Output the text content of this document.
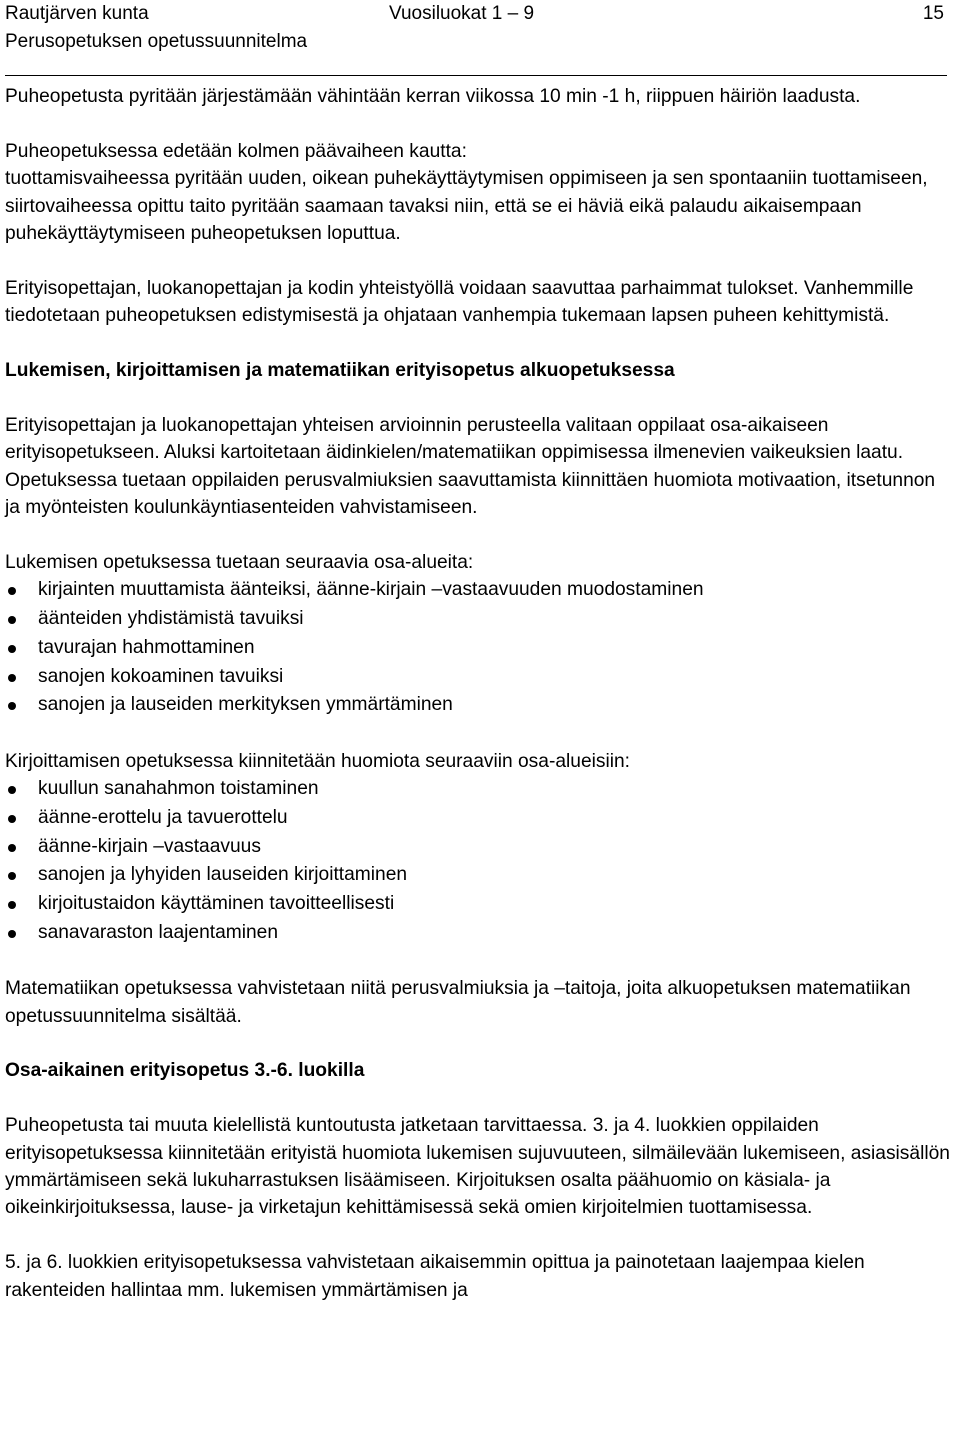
Rautjärven kunta
Perusopetuksen opetussuunnitelma
Vuosiluokat 1 – 9	15

Puheopetusta pyritään järjestämään vähintään kerran viikossa 10 min -1 h, riippuen häiriön laadusta.

Puheopetuksessa edetään kolmen päävaiheen kautta:

tuottamisvaiheessa pyritään uuden, oikean puhekäyttäytymisen oppimiseen ja sen spontaaniin tuottamiseen,

siirtovaiheessa opittu taito pyritään saamaan tavaksi niin, että se ei häviä eikä palaudu aikaisempaan puhekäyttäytymiseen puheopetuksen loputtua.

Erityisopettajan, luokanopettajan ja kodin yhteistyöllä voidaan saavuttaa parhaimmat tulokset. Vanhemmille tiedotetaan puheopetuksen edistymisestä ja ohjataan vanhempia tukemaan lapsen puheen kehittymistä.

Lukemisen, kirjoittamisen ja matematiikan erityisopetus alkuopetuksessa

Erityisopettajan ja luokanopettajan yhteisen arvioinnin perusteella valitaan oppilaat osa-aikaiseen erityisopetukseen. Aluksi kartoitetaan äidinkielen/matematiikan oppimisessa ilmenevien vaikeuksien laatu. Opetuksessa tuetaan oppilaiden perusvalmiuksien saavuttamista kiinnittäen huomiota motivaation, itsetunnon ja myönteisten koulunkäyntiasenteiden vahvistamiseen.

Lukemisen opetuksessa tuetaan seuraavia osa-alueita:

kirjainten muuttamista äänteiksi, äänne-kirjain –vastaavuuden muodostaminen
äänteiden yhdistämistä tavuiksi
tavurajan hahmottaminen
sanojen kokoaminen tavuiksi
sanojen ja lauseiden merkityksen ymmärtäminen

Kirjoittamisen opetuksessa kiinnitetään huomiota seuraaviin osa-alueisiin:

kuullun sanahahmon toistaminen
äänne-erottelu ja tavuerottelu
äänne-kirjain –vastaavuus
sanojen ja lyhyiden lauseiden kirjoittaminen
kirjoitustaidon käyttäminen tavoitteellisesti
sanavaraston laajentaminen

Matematiikan opetuksessa vahvistetaan niitä perusvalmiuksia ja –taitoja, joita alkuopetuksen matematiikan opetussuunnitelma sisältää.

Osa-aikainen erityisopetus 3.-6. luokilla

Puheopetusta tai muuta kielellistä kuntoutusta jatketaan tarvittaessa. 3. ja 4. luokkien oppilaiden erityisopetuksessa kiinnitetään erityistä huomiota lukemisen sujuvuuteen, silmäilevään lukemiseen, asiasisällön ymmärtämiseen sekä lukuharrastuksen lisäämiseen. Kirjoituksen osalta päähuomio on käsiala- ja oikeinkirjoituksessa, lause- ja virketajun kehittämisessä sekä omien kirjoitelmien tuottamisessa.

5. ja 6. luokkien erityisopetuksessa vahvistetaan aikaisemmin opittua ja painotetaan laajempaa kielen rakenteiden hallintaa mm. lukemisen ymmärtämisen ja
